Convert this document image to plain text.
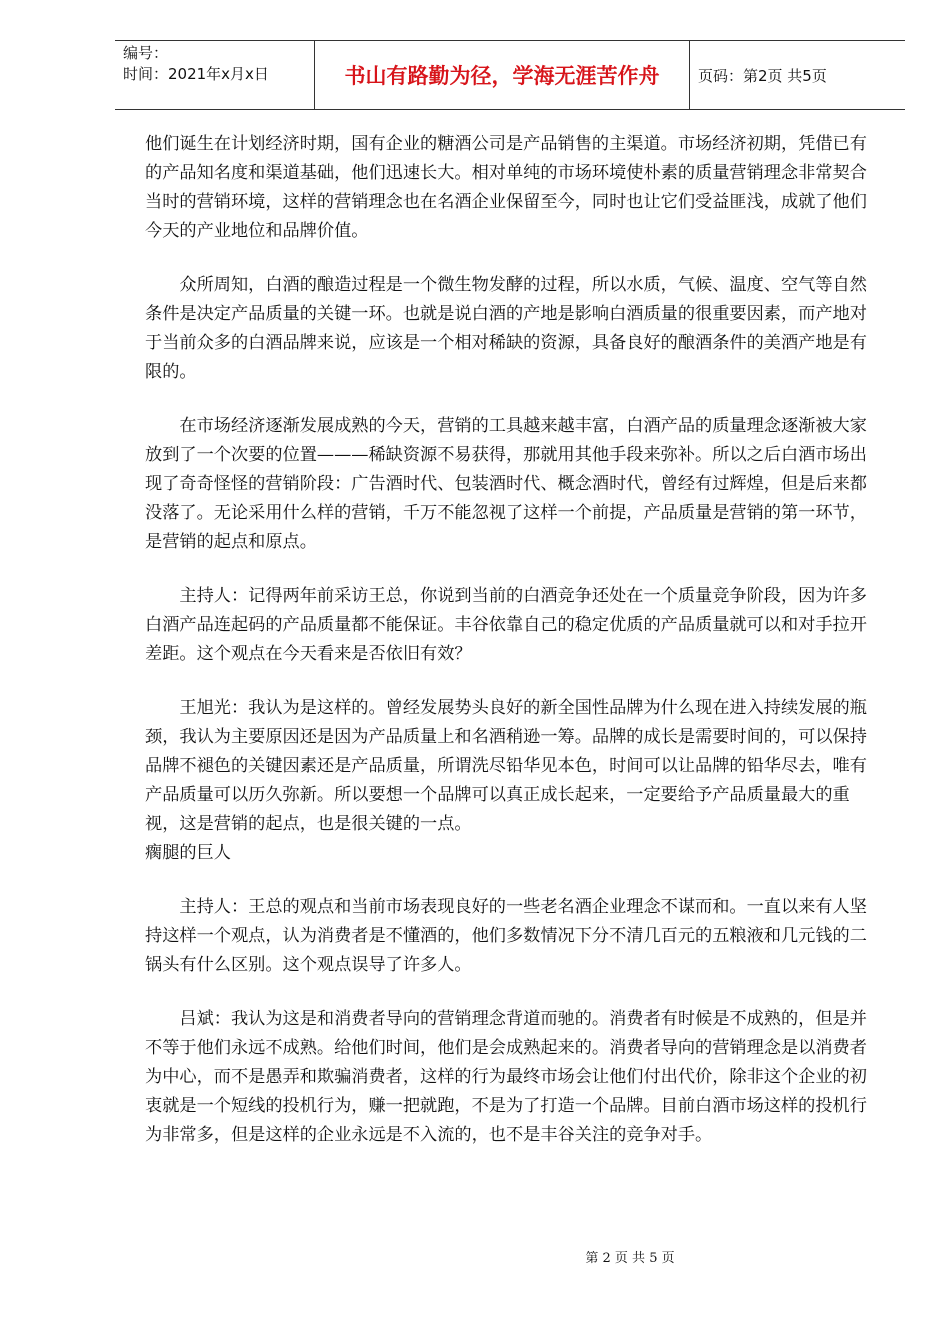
编号：
时间：2021年x月x日	书山有路勤为径，学海无涯苦作舟	页码：第2页 共5页

他们诞生在计划经济时期，国有企业的糖酒公司是产品销售的主渠道。市场经济初期，凭借已有的产品知名度和渠道基础，他们迅速长大。相对单纯的市场环境使朴素的质量营销理念非常契合当时的营销环境，这样的营销理念也在名酒企业保留至今，同时也让它们受益匪浅，成就了他们今天的产业地位和品牌价值。

众所周知，白酒的酿造过程是一个微生物发酵的过程，所以水质，气候、温度、空气等自然条件是决定产品质量的关键一环。也就是说白酒的产地是影响白酒质量的很重要因素，而产地对于当前众多的白酒品牌来说，应该是一个相对稀缺的资源，具备良好的酿酒条件的美酒产地是有限的。

在市场经济逐渐发展成熟的今天，营销的工具越来越丰富，白酒产品的质量理念逐渐被大家放到了一个次要的位置———稀缺资源不易获得，那就用其他手段来弥补。所以之后白酒市场出现了奇奇怪怪的营销阶段：广告酒时代、包装酒时代、概念酒时代，曾经有过辉煌，但是后来都没落了。无论采用什么样的营销，千万不能忽视了这样一个前提，产品质量是营销的第一环节，是营销的起点和原点。

主持人：记得两年前采访王总，你说到当前的白酒竞争还处在一个质量竞争阶段，因为许多白酒产品连起码的产品质量都不能保证。丰谷依靠自己的稳定优质的产品质量就可以和对手拉开差距。这个观点在今天看来是否依旧有效？

王旭光：我认为是这样的。曾经发展势头良好的新全国性品牌为什么现在进入持续发展的瓶颈，我认为主要原因还是因为产品质量上和名酒稍逊一筹。品牌的成长是需要时间的，可以保持品牌不褪色的关键因素还是产品质量，所谓洗尽铅华见本色，时间可以让品牌的铅华尽去，唯有产品质量可以历久弥新。所以要想一个品牌可以真正成长起来，一定要给予产品质量最大的重视，这是营销的起点，也是很关键的一点。

瘸腿的巨人

主持人：王总的观点和当前市场表现良好的一些老名酒企业理念不谋而和。一直以来有人坚持这样一个观点，认为消费者是不懂酒的，他们多数情况下分不清几百元的五粮液和几元钱的二锅头有什么区别。这个观点误导了许多人。

吕斌：我认为这是和消费者导向的营销理念背道而驰的。消费者有时候是不成熟的，但是并不等于他们永远不成熟。给他们时间，他们是会成熟起来的。消费者导向的营销理念是以消费者为中心，而不是愚弄和欺骗消费者，这样的行为最终市场会让他们付出代价，除非这个企业的初衷就是一个短线的投机行为，赚一把就跑，不是为了打造一个品牌。目前白酒市场这样的投机行为非常多，但是这样的企业永远是不入流的，也不是丰谷关注的竞争对手。

第 2 页 共 5 页
